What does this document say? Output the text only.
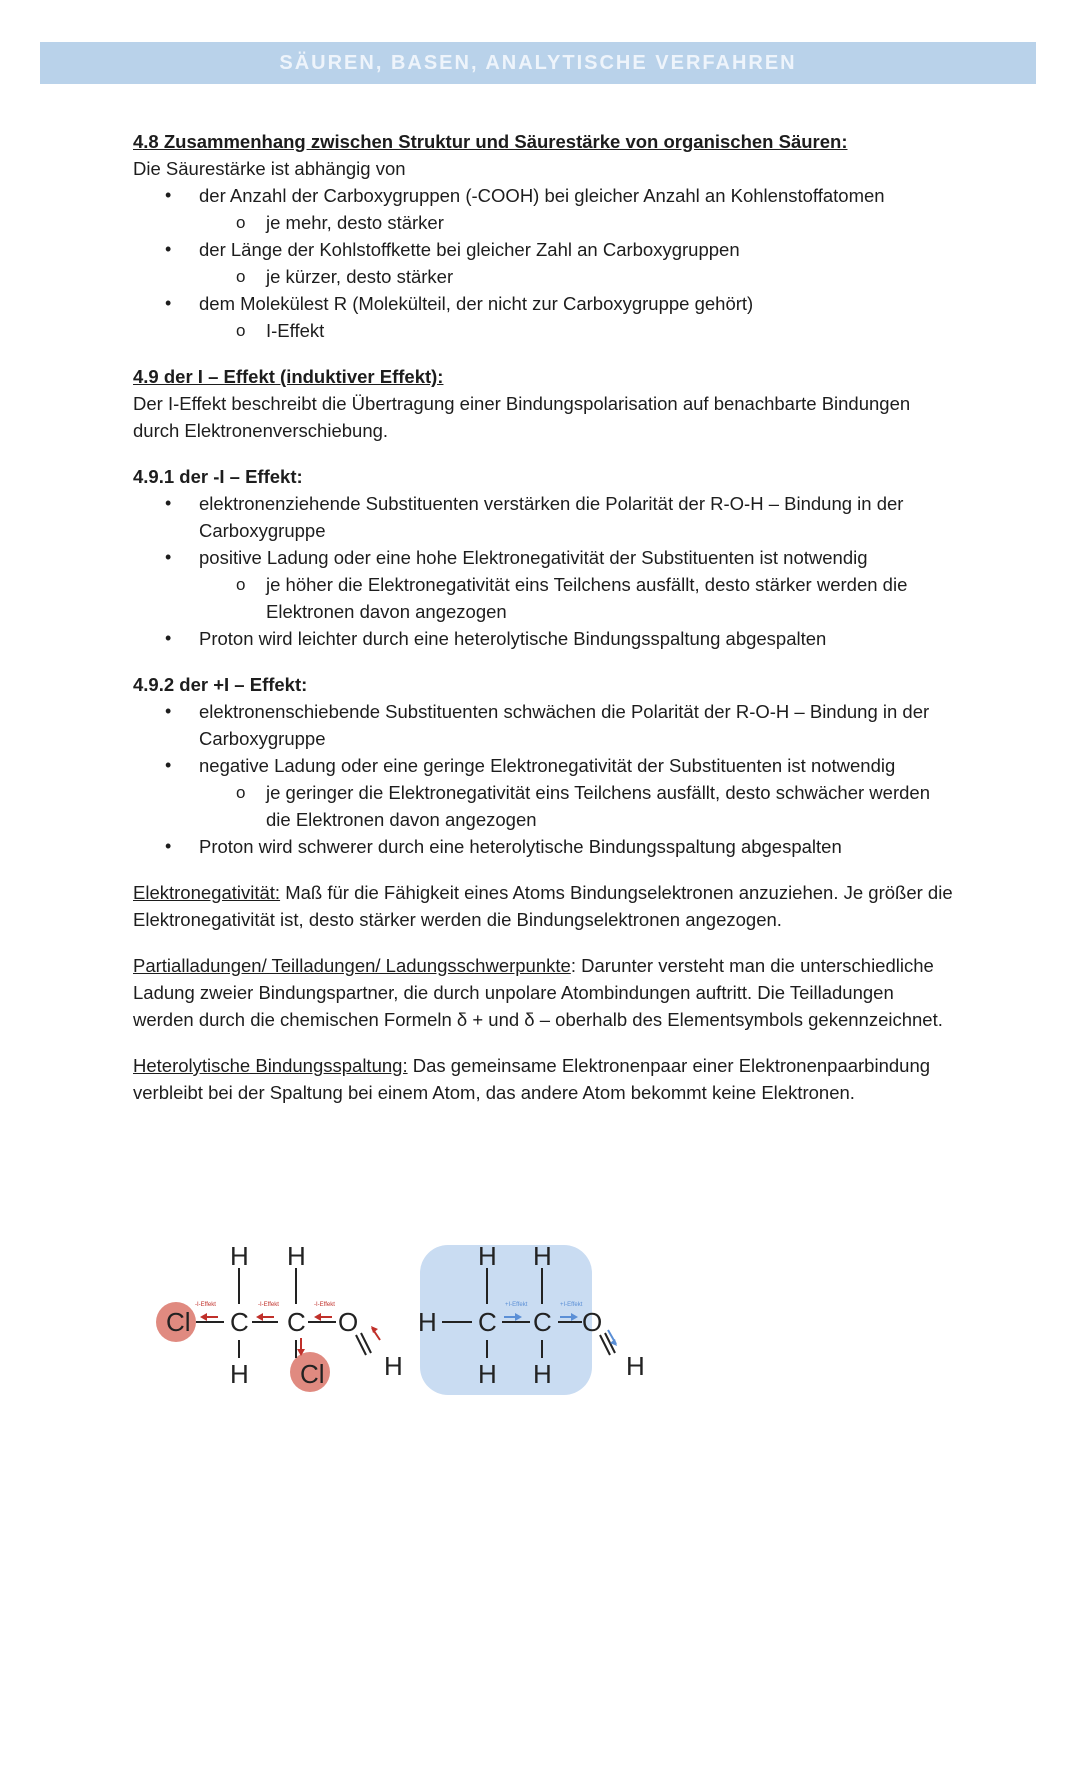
SÄUREN, BASEN, ANALYTISCHE VERFAHREN
4.8 Zusammenhang zwischen Struktur und Säurestärke von organischen Säuren:
Die Säurestärke ist abhängig von
• der Anzahl der Carboxygruppen (-COOH) bei gleicher Anzahl an Kohlenstoffatomen
o je mehr, desto stärker
• der Länge der Kohlstoffkette bei gleicher Zahl an Carboxygruppen
o je kürzer, desto stärker
• dem Molekülest R (Molekülteil, der nicht zur Carboxygruppe gehört)
o I-Effekt
4.9 der I – Effekt (induktiver Effekt):
Der I-Effekt beschreibt die Übertragung einer Bindungspolarisation auf benachbarte Bindungen durch Elektronenverschiebung.
4.9.1 der -I – Effekt:
• elektronenziehende Substituenten verstärken die Polarität der R-O-H – Bindung in der Carboxygruppe
• positive Ladung oder eine hohe Elektronegativität der Substituenten ist notwendig
o je höher die Elektronegativität eins Teilchens ausfällt, desto stärker werden die Elektronen davon angezogen
• Proton wird leichter durch eine heterolytische Bindungsspaltung abgespalten
4.9.2 der +I – Effekt:
• elektronenschiebende Substituenten schwächen die Polarität der R-O-H – Bindung in der Carboxygruppe
• negative Ladung oder eine geringe Elektronegativität der Substituenten ist notwendig
o je geringer die Elektronegativität eins Teilchens ausfällt, desto schwächer werden die Elektronen davon angezogen
• Proton wird schwerer durch eine heterolytische Bindungsspaltung abgespalten
Elektronegativität: Maß für die Fähigkeit eines Atoms Bindungselektronen anzuziehen. Je größer die Elektronegativität ist, desto stärker werden die Bindungselektronen angezogen.
Partialladungen/ Teilladungen/ Ladungsschwerpunkte: Darunter versteht man die unterschiedliche Ladung zweier Bindungspartner, die durch unpolare Atombindungen auftritt. Die Teilladungen werden durch die chemischen Formeln δ + und δ – oberhalb des Elementsymbols gekennzeichnet.
Heterolytische Bindungsspaltung: Das gemeinsame Elektronenpaar einer Elektronenpaarbindung verbleibt bei der Spaltung bei einem Atom, das andere Atom bekommt keine Elektronen.
Cl
H H
C C O
H Cl H
-I-Effekt	-I-Effekt	-I-Effekt
H
H H
C C O
H H	H
+I-Effekt	+I-Effekt
